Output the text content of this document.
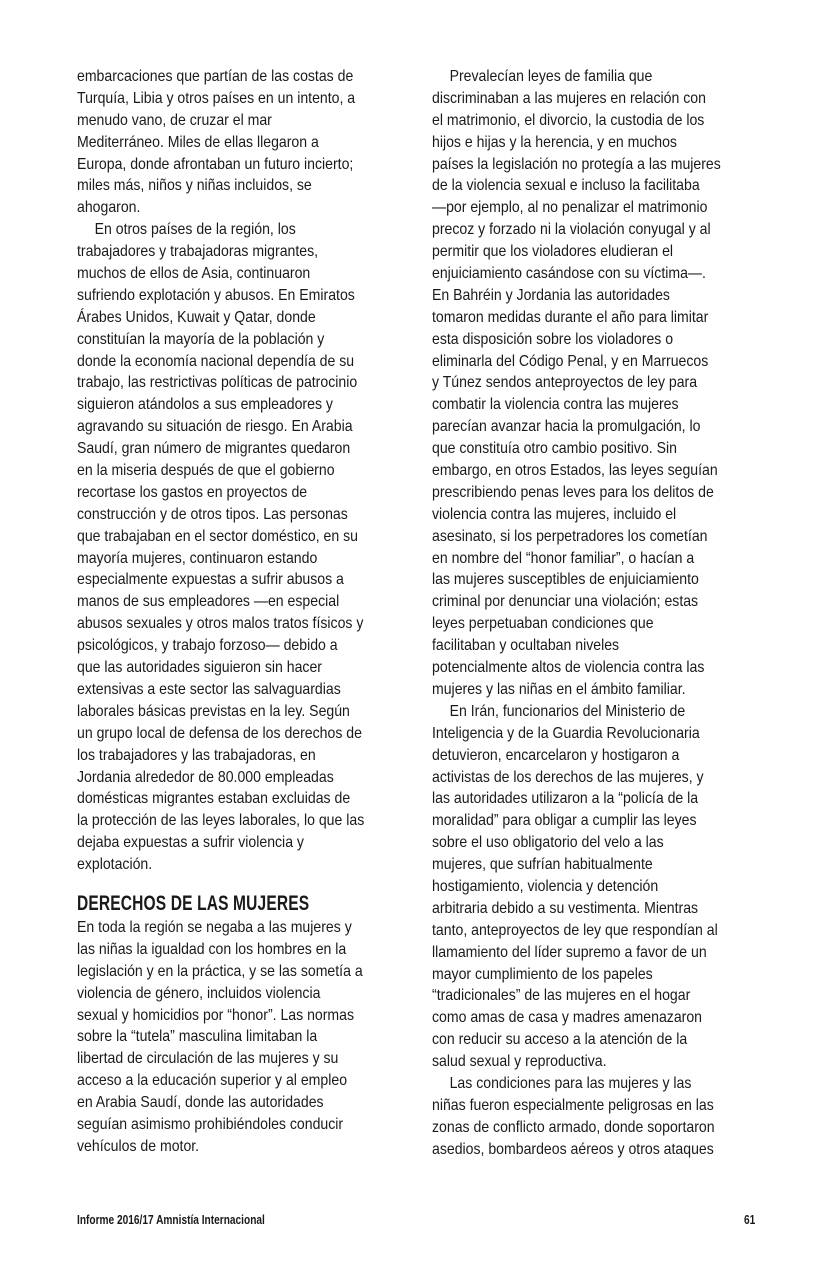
embarcaciones que partían de las costas de
Turquía, Libia y otros países en un intento, a
menudo vano, de cruzar el mar
Mediterráneo. Miles de ellas llegaron a
Europa, donde afrontaban un futuro incierto;
miles más, niños y niñas incluidos, se
ahogaron.
En otros países de la región, los
trabajadores y trabajadoras migrantes,
muchos de ellos de Asia, continuaron
sufriendo explotación y abusos. En Emiratos
Árabes Unidos, Kuwait y Qatar, donde
constituían la mayoría de la población y
donde la economía nacional dependía de su
trabajo, las restrictivas políticas de patrocinio
siguieron atándolos a sus empleadores y
agravando su situación de riesgo. En Arabia
Saudí, gran número de migrantes quedaron
en la miseria después de que el gobierno
recortase los gastos en proyectos de
construcción y de otros tipos. Las personas
que trabajaban en el sector doméstico, en su
mayoría mujeres, continuaron estando
especialmente expuestas a sufrir abusos a
manos de sus empleadores —en especial
abusos sexuales y otros malos tratos físicos y
psicológicos, y trabajo forzoso— debido a
que las autoridades siguieron sin hacer
extensivas a este sector las salvaguardias
laborales básicas previstas en la ley. Según
un grupo local de defensa de los derechos de
los trabajadores y las trabajadoras, en
Jordania alrededor de 80.000 empleadas
domésticas migrantes estaban excluidas de
la protección de las leyes laborales, lo que las
dejaba expuestas a sufrir violencia y
explotación.
DERECHOS DE LAS MUJERES
En toda la región se negaba a las mujeres y
las niñas la igualdad con los hombres en la
legislación y en la práctica, y se las sometía a
violencia de género, incluidos violencia
sexual y homicidios por “honor”. Las normas
sobre la “tutela” masculina limitaban la
libertad de circulación de las mujeres y su
acceso a la educación superior y al empleo
en Arabia Saudí, donde las autoridades
seguían asimismo prohibiéndoles conducir
vehículos de motor.
Prevalecían leyes de familia que
discriminaban a las mujeres en relación con
el matrimonio, el divorcio, la custodia de los
hijos e hijas y la herencia, y en muchos
países la legislación no protegía a las mujeres
de la violencia sexual e incluso la facilitaba
—por ejemplo, al no penalizar el matrimonio
precoz y forzado ni la violación conyugal y al
permitir que los violadores eludieran el
enjuiciamiento casándose con su víctima—.
En Bahréin y Jordania las autoridades
tomaron medidas durante el año para limitar
esta disposición sobre los violadores o
eliminarla del Código Penal, y en Marruecos
y Túnez sendos anteproyectos de ley para
combatir la violencia contra las mujeres
parecían avanzar hacia la promulgación, lo
que constituía otro cambio positivo. Sin
embargo, en otros Estados, las leyes seguían
prescribiendo penas leves para los delitos de
violencia contra las mujeres, incluido el
asesinato, si los perpetradores los cometían
en nombre del “honor familiar”, o hacían a
las mujeres susceptibles de enjuiciamiento
criminal por denunciar una violación; estas
leyes perpetuaban condiciones que
facilitaban y ocultaban niveles
potencialmente altos de violencia contra las
mujeres y las niñas en el ámbito familiar.
En Irán, funcionarios del Ministerio de
Inteligencia y de la Guardia Revolucionaria
detuvieron, encarcelaron y hostigaron a
activistas de los derechos de las mujeres, y
las autoridades utilizaron a la “policía de la
moralidad” para obligar a cumplir las leyes
sobre el uso obligatorio del velo a las
mujeres, que sufrían habitualmente
hostigamiento, violencia y detención
arbitraria debido a su vestimenta. Mientras
tanto, anteproyectos de ley que respondían al
llamamiento del líder supremo a favor de un
mayor cumplimiento de los papeles
“tradicionales” de las mujeres en el hogar
como amas de casa y madres amenazaron
con reducir su acceso a la atención de la
salud sexual y reproductiva.
Las condiciones para las mujeres y las
niñas fueron especialmente peligrosas en las
zonas de conflicto armado, donde soportaron
asedios, bombardeos aéreos y otros ataques
Informe 2016/17 Amnistía Internacional	61
